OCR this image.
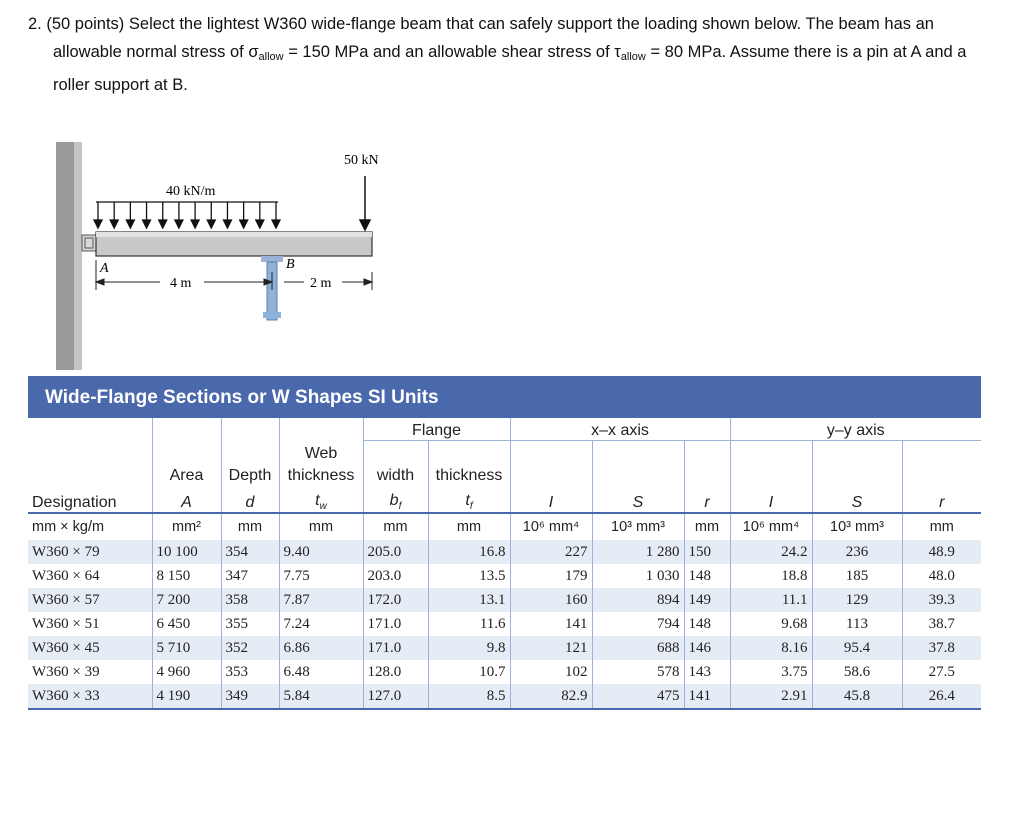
2. (50 points) Select the lightest W360 wide-flange beam that can safely support the loading shown below. The beam has an allowable normal stress of $\sigma_{allow} = 150$ MPa and an allowable shear stress of $\tau_{allow} = 80$ MPa. Assume there is a pin at A and a roller support at B.
40 kN/m
50 kN
A	B
4 m	2 m
Wide-Flange Sections or W Shapes SI Units
				Flange		x–x axis			y–y axis		
			Web								
	Area	Depth	thickness	width	thickness						
Designation	A	d	$t_w$	$b_f$	$t_f$	I	S	r	I	S	r
mm × kg/m	mm²	mm	mm	mm	mm	10⁶ mm⁴	10³ mm³	mm	10⁶ mm⁴	10³ mm³	mm
W360 × 79	10 100	354	9.40	205.0	16.8	227	1 280	150	24.2	236	48.9
W360 × 64	8 150	347	7.75	203.0	13.5	179	1 030	148	18.8	185	48.0
W360 × 57	7 200	358	7.87	172.0	13.1	160	894	149	11.1	129	39.3
W360 × 51	6 450	355	7.24	171.0	11.6	141	794	148	9.68	113	38.7
W360 × 45	5 710	352	6.86	171.0	9.8	121	688	146	8.16	95.4	37.8
W360 × 39	4 960	353	6.48	128.0	10.7	102	578	143	3.75	58.6	27.5
W360 × 33	4 190	349	5.84	127.0	8.5	82.9	475	141	2.91	45.8	26.4
